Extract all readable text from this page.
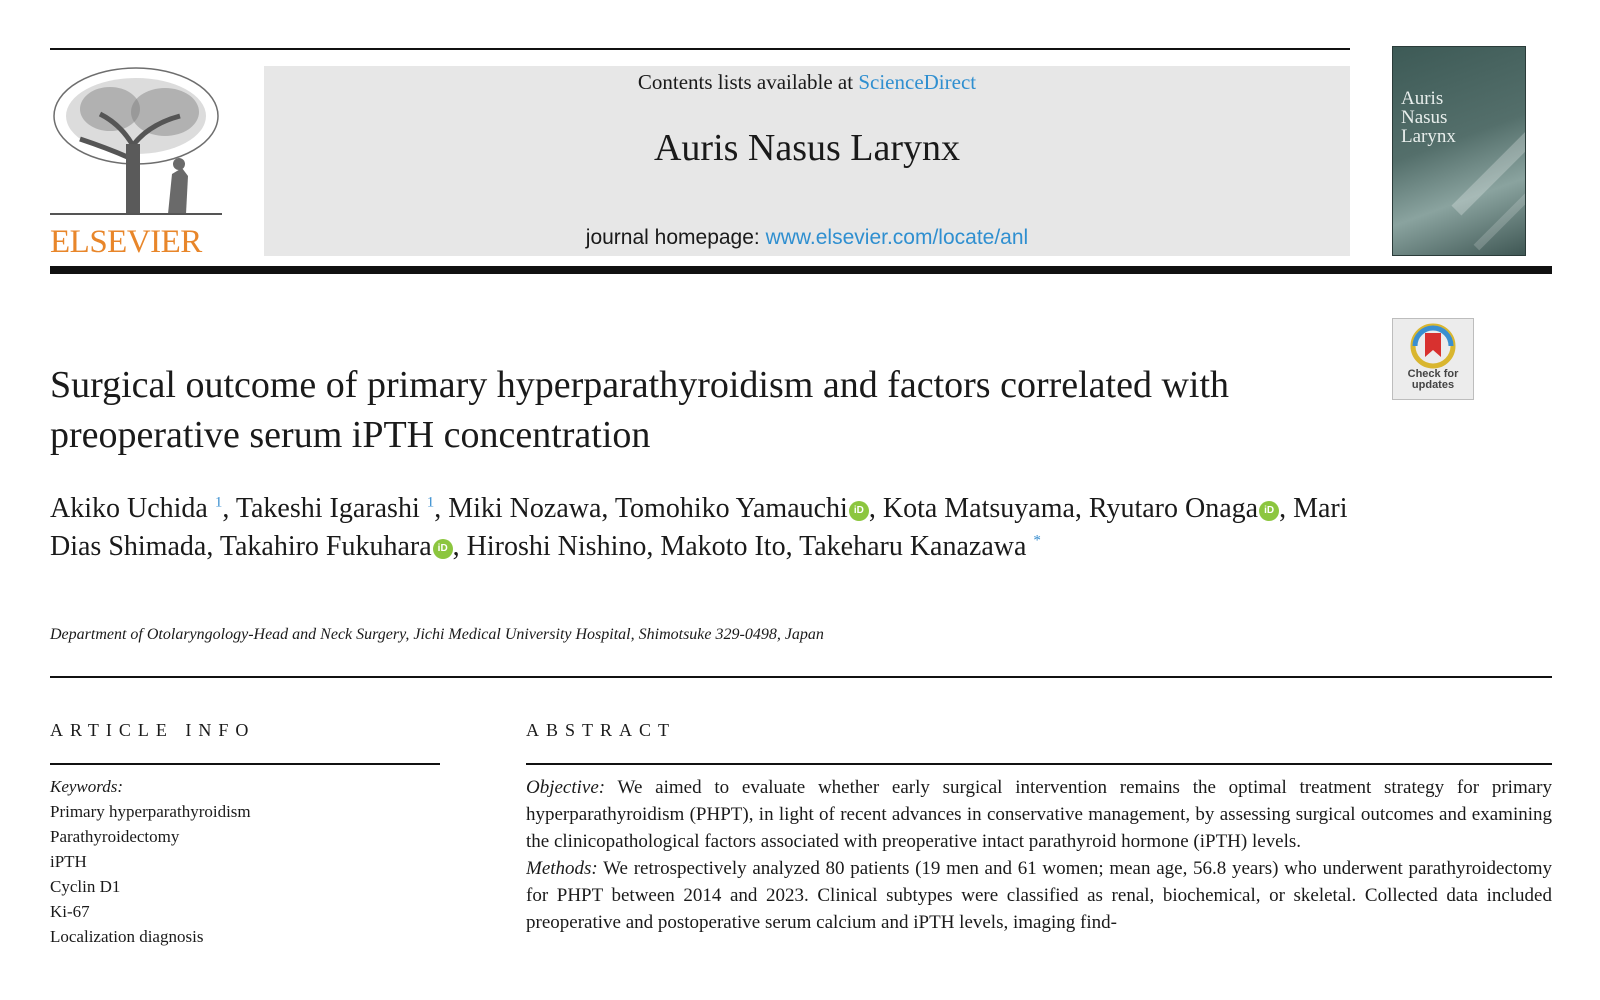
ELSEVIER
Contents lists available at ScienceDirect
Auris Nasus Larynx
journal homepage: www.elsevier.com/locate/anl
Auris
Nasus
Larynx
Check for
updates
Surgical outcome of primary hyperparathyroidism and factors correlated with preoperative serum iPTH concentration
Akiko Uchida $^1$, Takeshi Igarashi $^1$, Miki Nozawa, Tomohiko Yamauchi iD , Kota Matsuyama, Ryutaro Onaga iD , Mari Dias Shimada, Takahiro Fukuhara iD , Hiroshi Nishino, Makoto Ito, Takeharu Kanazawa *
Department of Otolaryngology-Head and Neck Surgery, Jichi Medical University Hospital, Shimotsuke 329-0498, Japan
ARTICLE INFO
Keywords:
Primary hyperparathyroidism
Parathyroidectomy
iPTH
Cyclin D1
Ki-67
Localization diagnosis
ABSTRACT

Objective: We aimed to evaluate whether early surgical intervention remains the optimal treatment strategy for primary hyperparathyroidism (PHPT), in light of recent advances in conservative management, by assessing surgical outcomes and examining the clinicopathological factors associated with preoperative intact parathyroid hormone (iPTH) levels.

Methods: We retrospectively analyzed 80 patients (19 men and 61 women; mean age, 56.8 years) who underwent parathyroidectomy for PHPT between 2014 and 2023. Clinical subtypes were classified as renal, biochemical, or skeletal. Collected data included preoperative and postoperative serum calcium and iPTH levels, imaging find-
